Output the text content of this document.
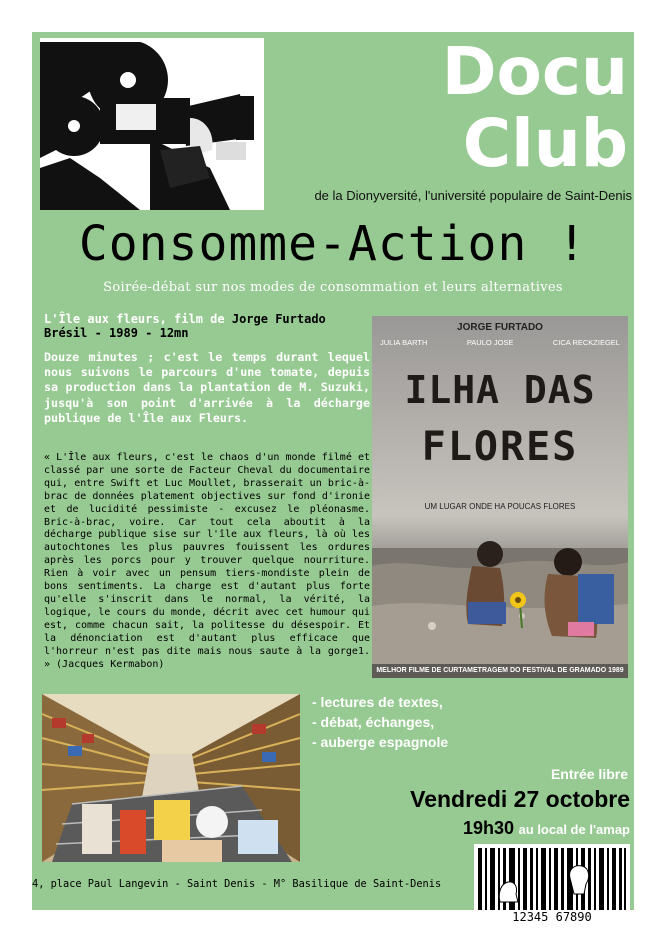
Docu
Club
de la Dionyversité, l'université populaire de Saint-Denis
Consomme-Action !
Soirée-débat sur nos modes de consommation et leurs alternatives
L'Île aux fleurs, film de Jorge Furtado
Brésil - 1989 - 12mn
Douze minutes ; c'est le temps durant lequel nous suivons le parcours d'une tomate, depuis sa production dans la plantation de M. Suzuki, jusqu'à son point d'arrivée à la décharge publique de l'Île aux Fleurs.
« L'Île aux fleurs, c'est le chaos d'un monde filmé et classé par une sorte de Facteur Cheval du documentaire qui, entre Swift et Luc Moullet, brasserait un bric-à-brac de données platement objectives sur fond d'ironie et de lucidité pessimiste - excusez le pléonasme. Bric-à-brac, voire. Car tout cela aboutit à la décharge publique sise sur l'île aux fleurs, là où les autochtones les plus pauvres fouissent les ordures après les porcs pour y trouver quelque nourriture. Rien à voir avec un pensum tiers-mondiste plein de bons sentiments. La charge est d'autant plus forte qu'elle s'inscrit dans le normal, la vérité, la logique, le cours du monde, décrit avec cet humour qui est, comme chacun sait, la politesse du désespoir. Et la dénonciation est d'autant plus efficace que l'horreur n'est pas dite mais nous saute à la gorge1. » (Jacques Kermabon)
JORGE FURTADO
JULIA BARTH	PAULO JOSE	CICA RECKZIEGEL
ILHA DAS
FLORES
UM LUGAR ONDE HA POUCAS FLORES
MELHOR FILME DE CURTAMETRAGEM DO FESTIVAL DE GRAMADO 1989
- lectures de textes,
- débat, échanges,
- auberge espagnole
Entrée libre
Vendredi 27 octobre
19h30 au local de l'amap
4, place Paul Langevin - Saint Denis - M° Basilique de Saint-Denis
12345 67890
